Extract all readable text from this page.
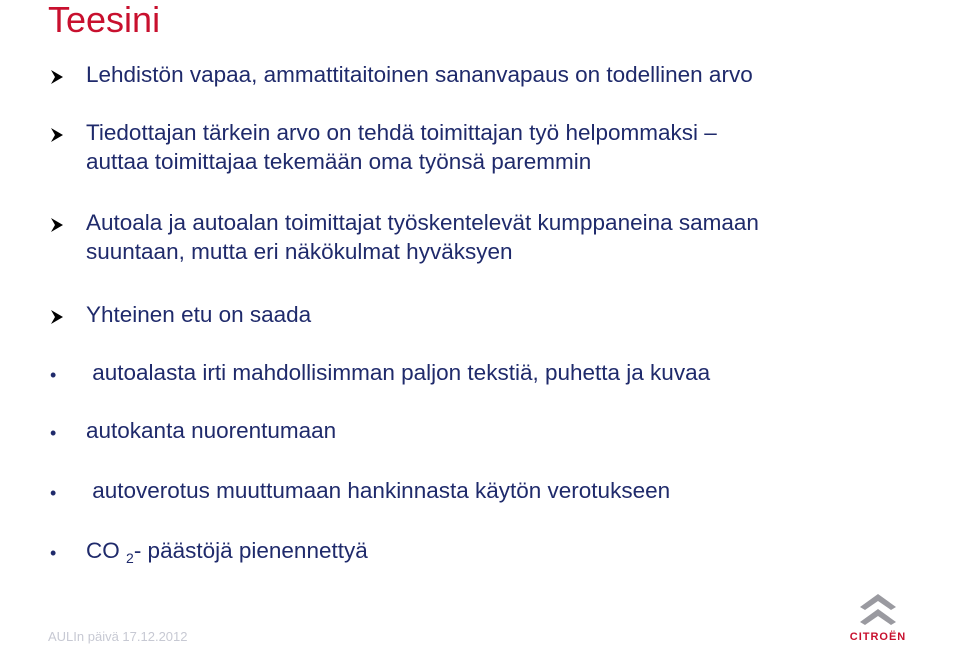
Teesini
Lehdistön vapaa, ammattitaitoinen sananvapaus on todellinen arvo
Tiedottajan tärkein arvo on tehdä toimittajan työ helpommaksi –
auttaa toimittajaa tekemään oma työnsä paremmin
Autoala ja autoalan toimittajat työskentelevät kumppaneina samaan
suuntaan, mutta eri näkökulmat hyväksyen
Yhteinen etu on saada
•	autoalasta irti mahdollisimman paljon tekstiä, puhetta ja kuvaa
•	autokanta nuorentumaan
•	autoverotus muuttumaan hankinnasta käytön verotukseen
•	CO $_2$- päästöjä pienennettyä
AULIn päivä 17.12.2012	CITROËN
